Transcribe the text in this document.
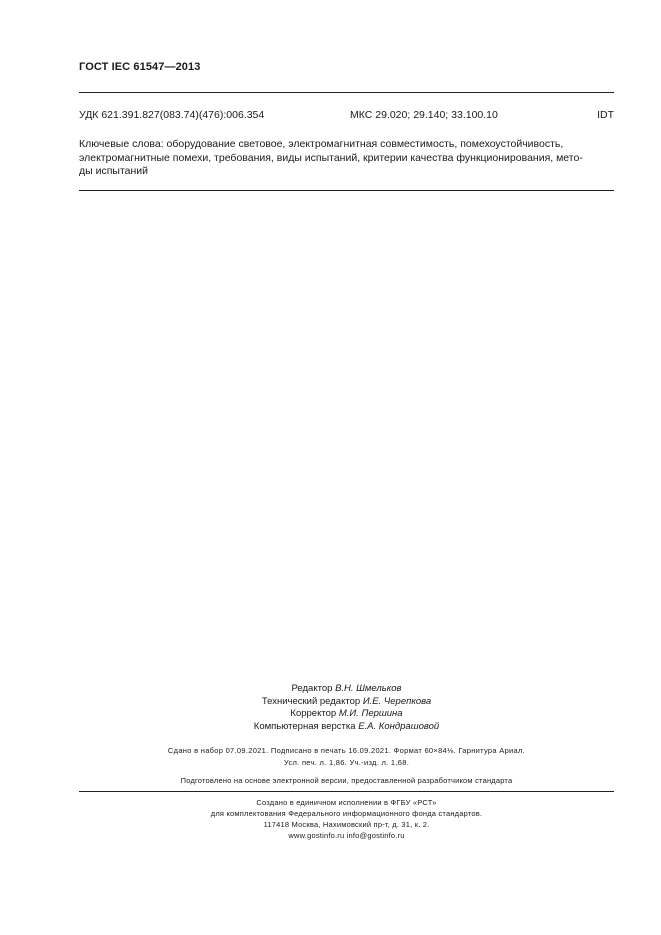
ГОСТ IEC 61547—2013
УДК 621.391.827(083.74)(476):006.354	МКС 29.020; 29.140; 33.100.10	IDT
Ключевые слова: оборудование световое, электромагнитная совместимость, помехоустойчивость,
электромагнитные помехи, требования, виды испытаний, критерии качества функционирования, мето-
ды испытаний
Редактор В.Н. Шмельков
Технический редактор И.Е. Черепкова
Корректор М.И. Першина
Компьютерная верстка Е.А. Кондрашовой
Сдано в набор 07.09.2021. Подписано в печать 16.09.2021. Формат 60×84⅛. Гарнитура Ариал.
Усл. печ. л. 1,86. Уч.-изд. л. 1,68.
Подготовлено на основе электронной версии, предоставленной разработчиком стандарта
Создано в единичном исполнении в ФГБУ «РСТ»
для комплектования Федерального информационного фонда стандартов.
117418 Москва, Нахимовский пр-т, д. 31, к. 2.
www.gostinfo.ru info@gostinfo.ru
